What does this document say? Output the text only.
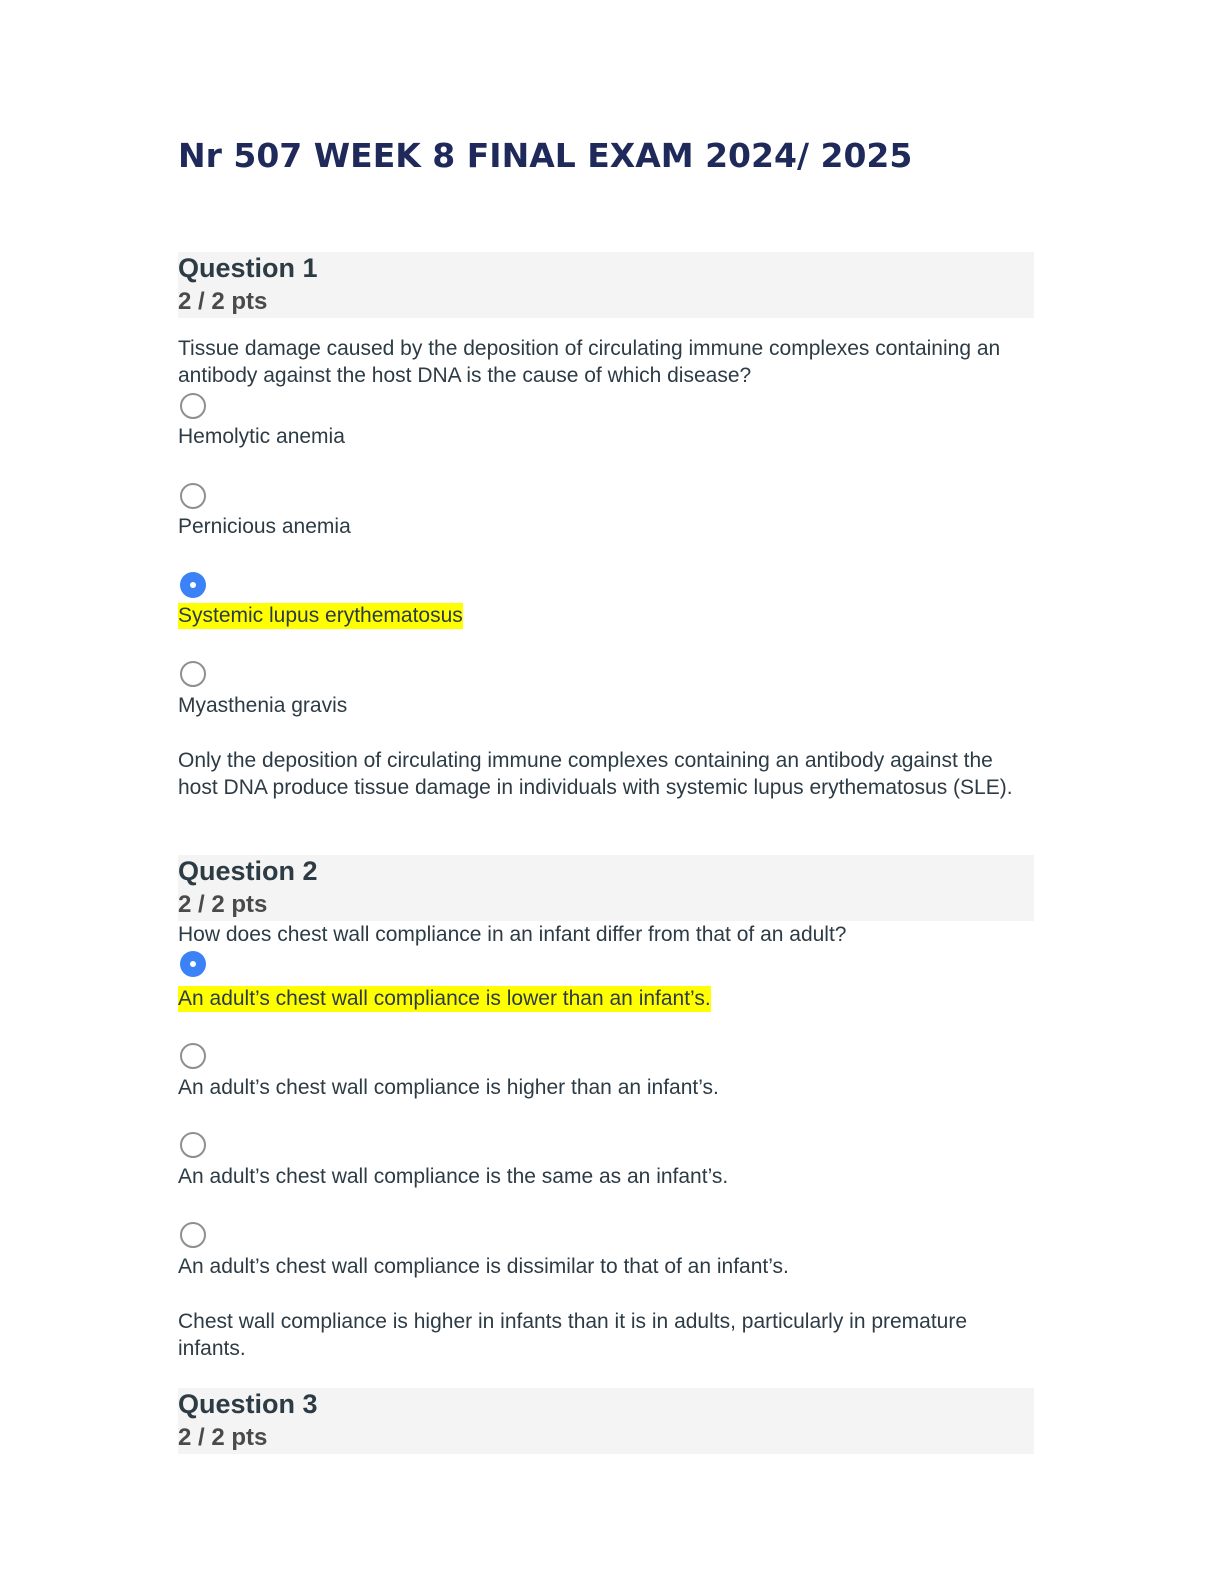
Nr 507 WEEK 8 FINAL EXAM 2024/ 2025
Question 1
2 / 2 pts

Tissue damage caused by the deposition of circulating immune complexes containing an antibody against the host DNA is the cause of which disease?

Hemolytic anemia
Pernicious anemia
Systemic lupus erythematosus
Myasthenia gravis

Only the deposition of circulating immune complexes containing an antibody against the host DNA produce tissue damage in individuals with systemic lupus erythematosus (SLE).

Question 2
2 / 2 pts

How does chest wall compliance in an infant differ from that of an adult?

An adult’s chest wall compliance is lower than an infant’s.
An adult’s chest wall compliance is higher than an infant’s.
An adult’s chest wall compliance is the same as an infant’s.
An adult’s chest wall compliance is dissimilar to that of an infant’s.

Chest wall compliance is higher in infants than it is in adults, particularly in premature infants.

Question 3
2 / 2 pts
